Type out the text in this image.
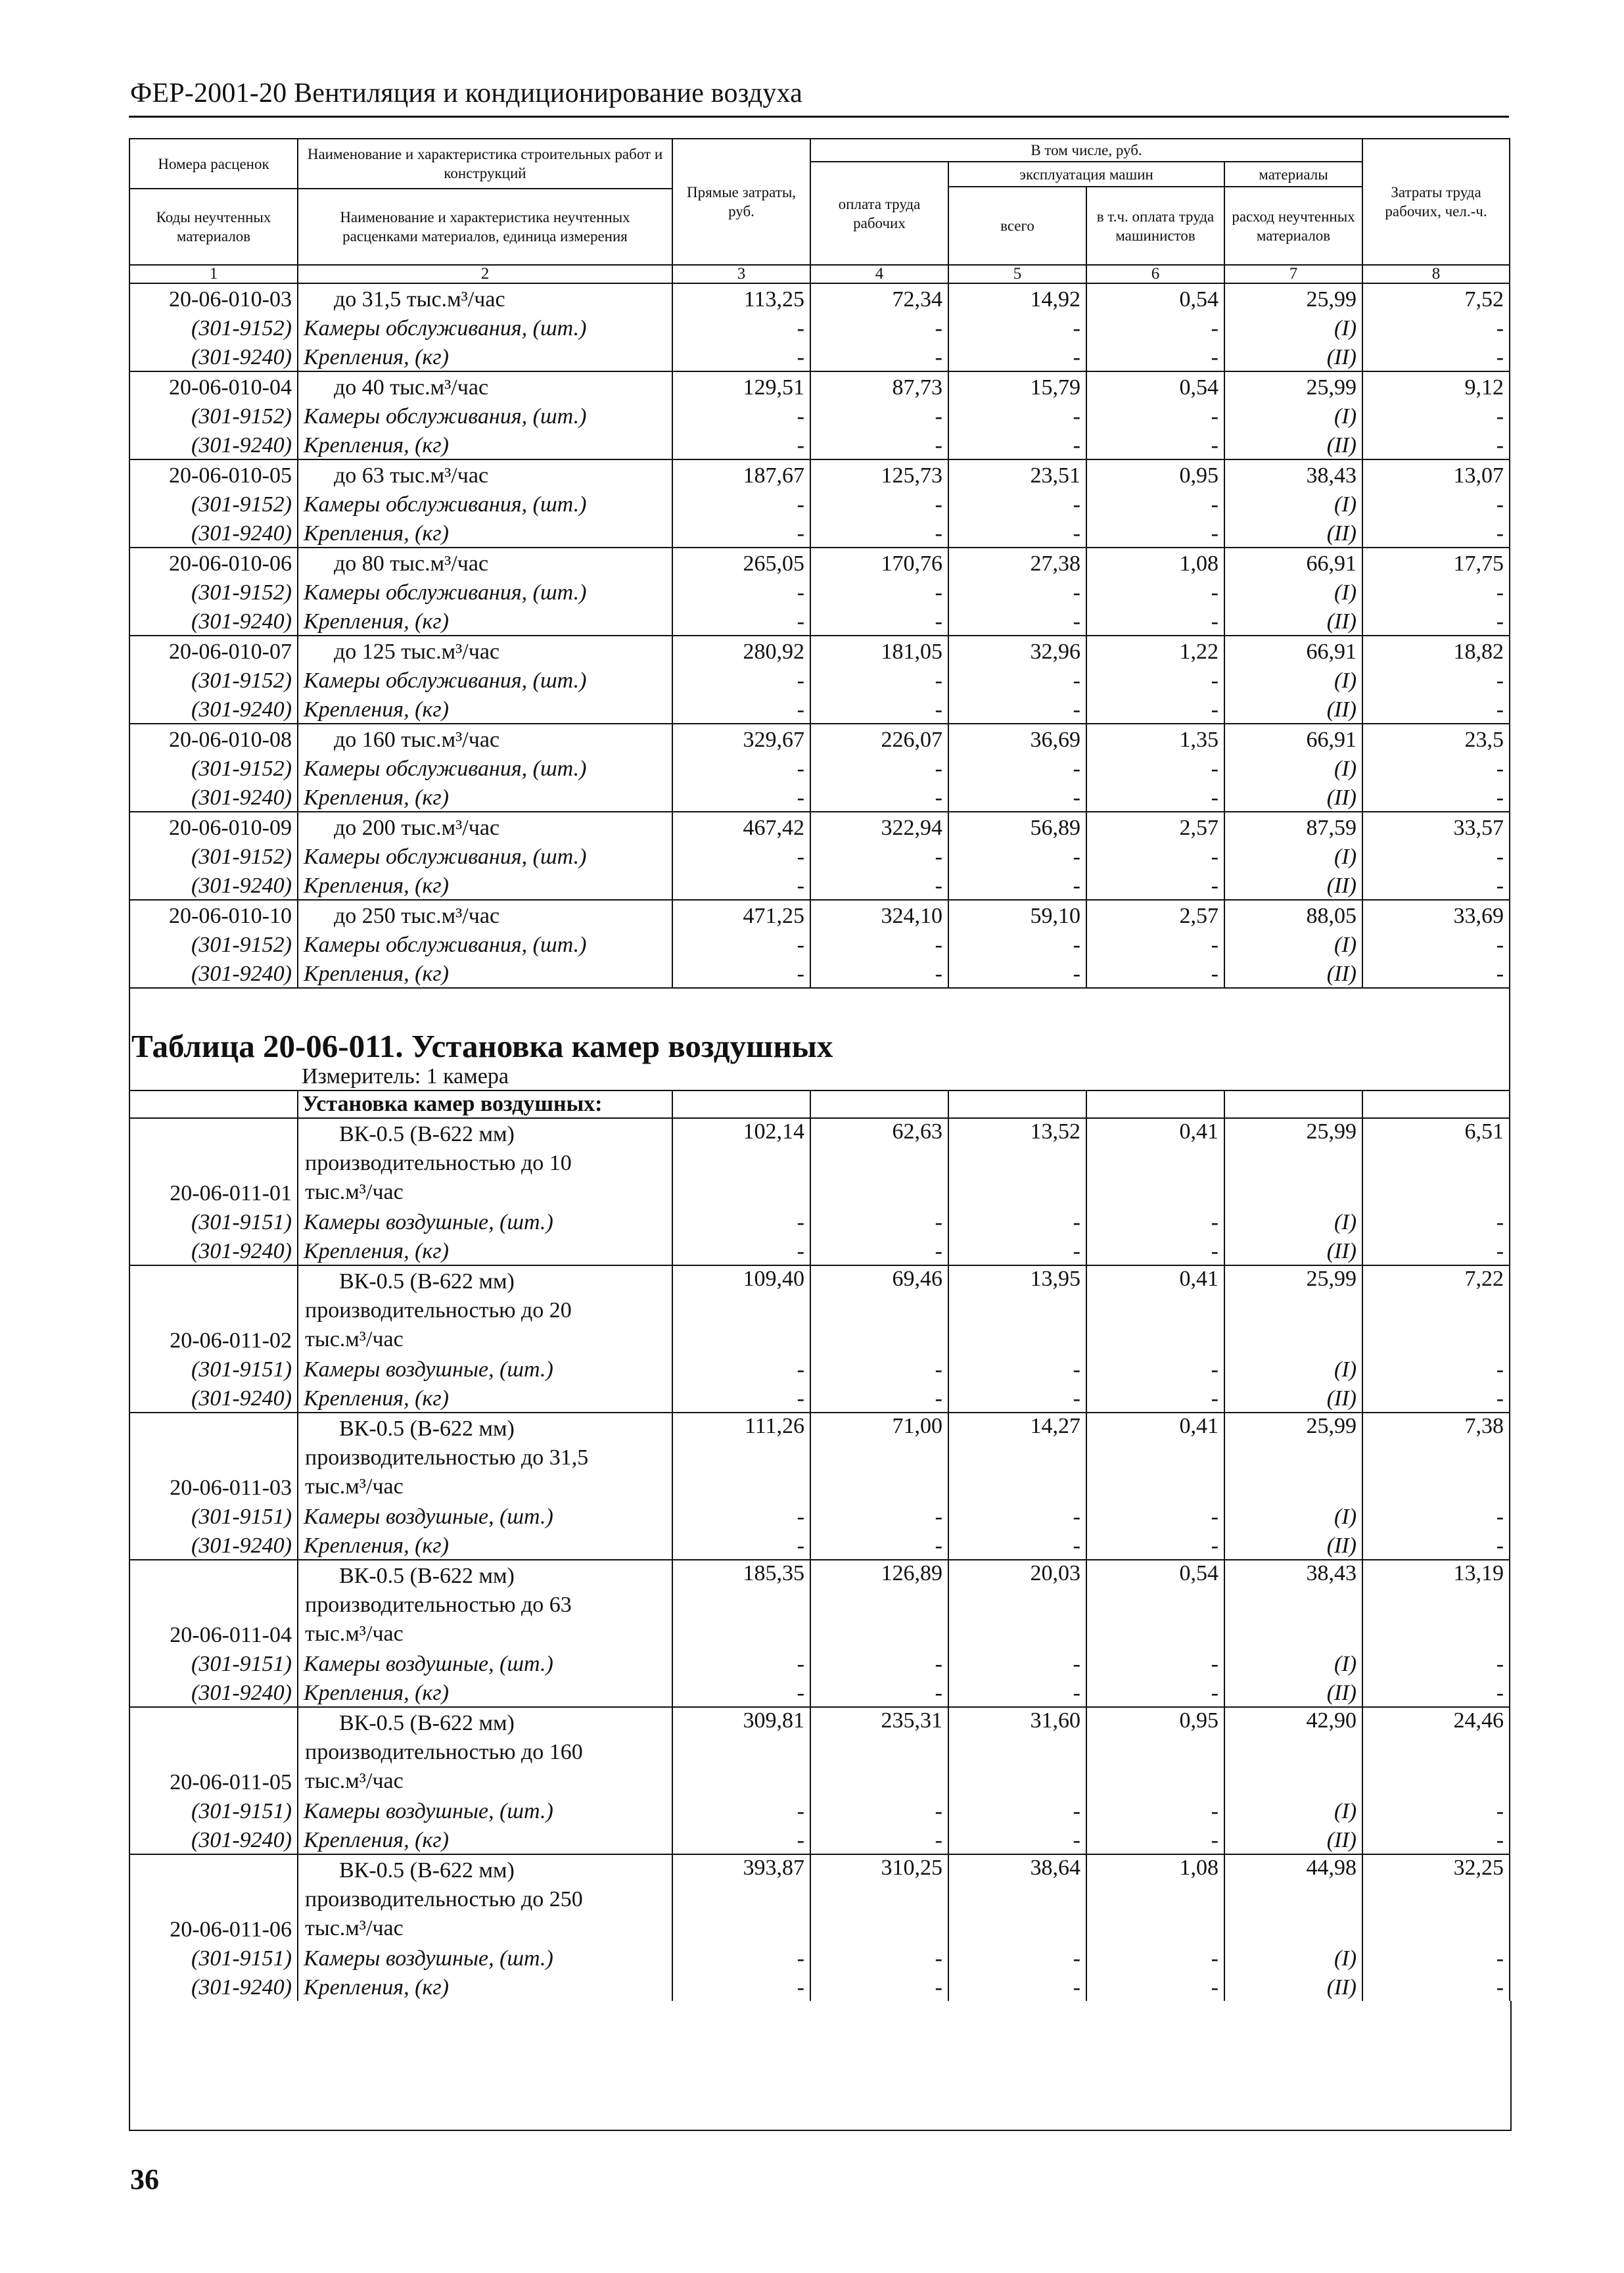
ФЕР-2001-20 Вентиляция и кондиционирование воздуха
Номера расценок	Наименование и характеристика строительных работ и конструкций	Прямые затраты, руб.	В том числе, руб.				Затраты труда рабочих, чел.-ч.
			оплата труда рабочих	эксплуатация машин		материалы	
				всего	в т.ч. оплата труда машинистов	расход неучтенных материалов	
Коды неучтенных материалов	Наименование и характеристика неучтенных расценками материалов, единица измерения						

1	2	3	4	5	6	7	8
20-06-010-03	до 31,5 тыс.м³/час	113,25	72,34	14,92	0,54	25,99	7,52
(301-9152)	Камеры обслуживания, (шт.)	-	-	-	-	(I)	-
(301-9240)	Крепления, (кг)	-	-	-	-	(II)	-
20-06-010-04	до 40 тыс.м³/час	129,51	87,73	15,79	0,54	25,99	9,12
(301-9152)	Камеры обслуживания, (шт.)	-	-	-	-	(I)	-
(301-9240)	Крепления, (кг)	-	-	-	-	(II)	-
20-06-010-05	до 63 тыс.м³/час	187,67	125,73	23,51	0,95	38,43	13,07
(301-9152)	Камеры обслуживания, (шт.)	-	-	-	-	(I)	-
(301-9240)	Крепления, (кг)	-	-	-	-	(II)	-
20-06-010-06	до 80 тыс.м³/час	265,05	170,76	27,38	1,08	66,91	17,75
(301-9152)	Камеры обслуживания, (шт.)	-	-	-	-	(I)	-
(301-9240)	Крепления, (кг)	-	-	-	-	(II)	-
20-06-010-07	до 125 тыс.м³/час	280,92	181,05	32,96	1,22	66,91	18,82
(301-9152)	Камеры обслуживания, (шт.)	-	-	-	-	(I)	-
(301-9240)	Крепления, (кг)	-	-	-	-	(II)	-
20-06-010-08	до 160 тыс.м³/час	329,67	226,07	36,69	1,35	66,91	23,5
(301-9152)	Камеры обслуживания, (шт.)	-	-	-	-	(I)	-
(301-9240)	Крепления, (кг)	-	-	-	-	(II)	-
20-06-010-09	до 200 тыс.м³/час	467,42	322,94	56,89	2,57	87,59	33,57
(301-9152)	Камеры обслуживания, (шт.)	-	-	-	-	(I)	-
(301-9240)	Крепления, (кг)	-	-	-	-	(II)	-
20-06-010-10	до 250 тыс.м³/час	471,25	324,10	59,10	2,57	88,05	33,69
(301-9152)	Камеры обслуживания, (шт.)	-	-	-	-	(I)	-
(301-9240)	Крепления, (кг)	-	-	-	-	(II)	-
Таблица 20-06-011. Установка камер воздушных							
	Измеритель: 1 камера						
	Установка камер воздушных:						
20-06-011-01	ВК-0.5 (В-622 мм)
производительностью до 10
тыс.м³/час	102,14	62,63	13,52	0,41	25,99	6,51
(301-9151)	Камеры воздушные, (шт.)	-	-	-	-	(I)	-
(301-9240)	Крепления, (кг)	-	-	-	-	(II)	-
20-06-011-02	ВК-0.5 (В-622 мм)
производительностью до 20
тыс.м³/час	109,40	69,46	13,95	0,41	25,99	7,22
(301-9151)	Камеры воздушные, (шт.)	-	-	-	-	(I)	-
(301-9240)	Крепления, (кг)	-	-	-	-	(II)	-
20-06-011-03	ВК-0.5 (В-622 мм)
производительностью до 31,5
тыс.м³/час	111,26	71,00	14,27	0,41	25,99	7,38
(301-9151)	Камеры воздушные, (шт.)	-	-	-	-	(I)	-
(301-9240)	Крепления, (кг)	-	-	-	-	(II)	-
20-06-011-04	ВК-0.5 (В-622 мм)
производительностью до 63
тыс.м³/час	185,35	126,89	20,03	0,54	38,43	13,19
(301-9151)	Камеры воздушные, (шт.)	-	-	-	-	(I)	-
(301-9240)	Крепления, (кг)	-	-	-	-	(II)	-
20-06-011-05	ВК-0.5 (В-622 мм)
производительностью до 160
тыс.м³/час	309,81	235,31	31,60	0,95	42,90	24,46
(301-9151)	Камеры воздушные, (шт.)	-	-	-	-	(I)	-
(301-9240)	Крепления, (кг)	-	-	-	-	(II)	-
20-06-011-06	ВК-0.5 (В-622 мм)
производительностью до 250
тыс.м³/час	393,87	310,25	38,64	1,08	44,98	32,25
(301-9151)	Камеры воздушные, (шт.)	-	-	-	-	(I)	-
(301-9240)	Крепления, (кг)	-	-	-	-	(II)	-
36
